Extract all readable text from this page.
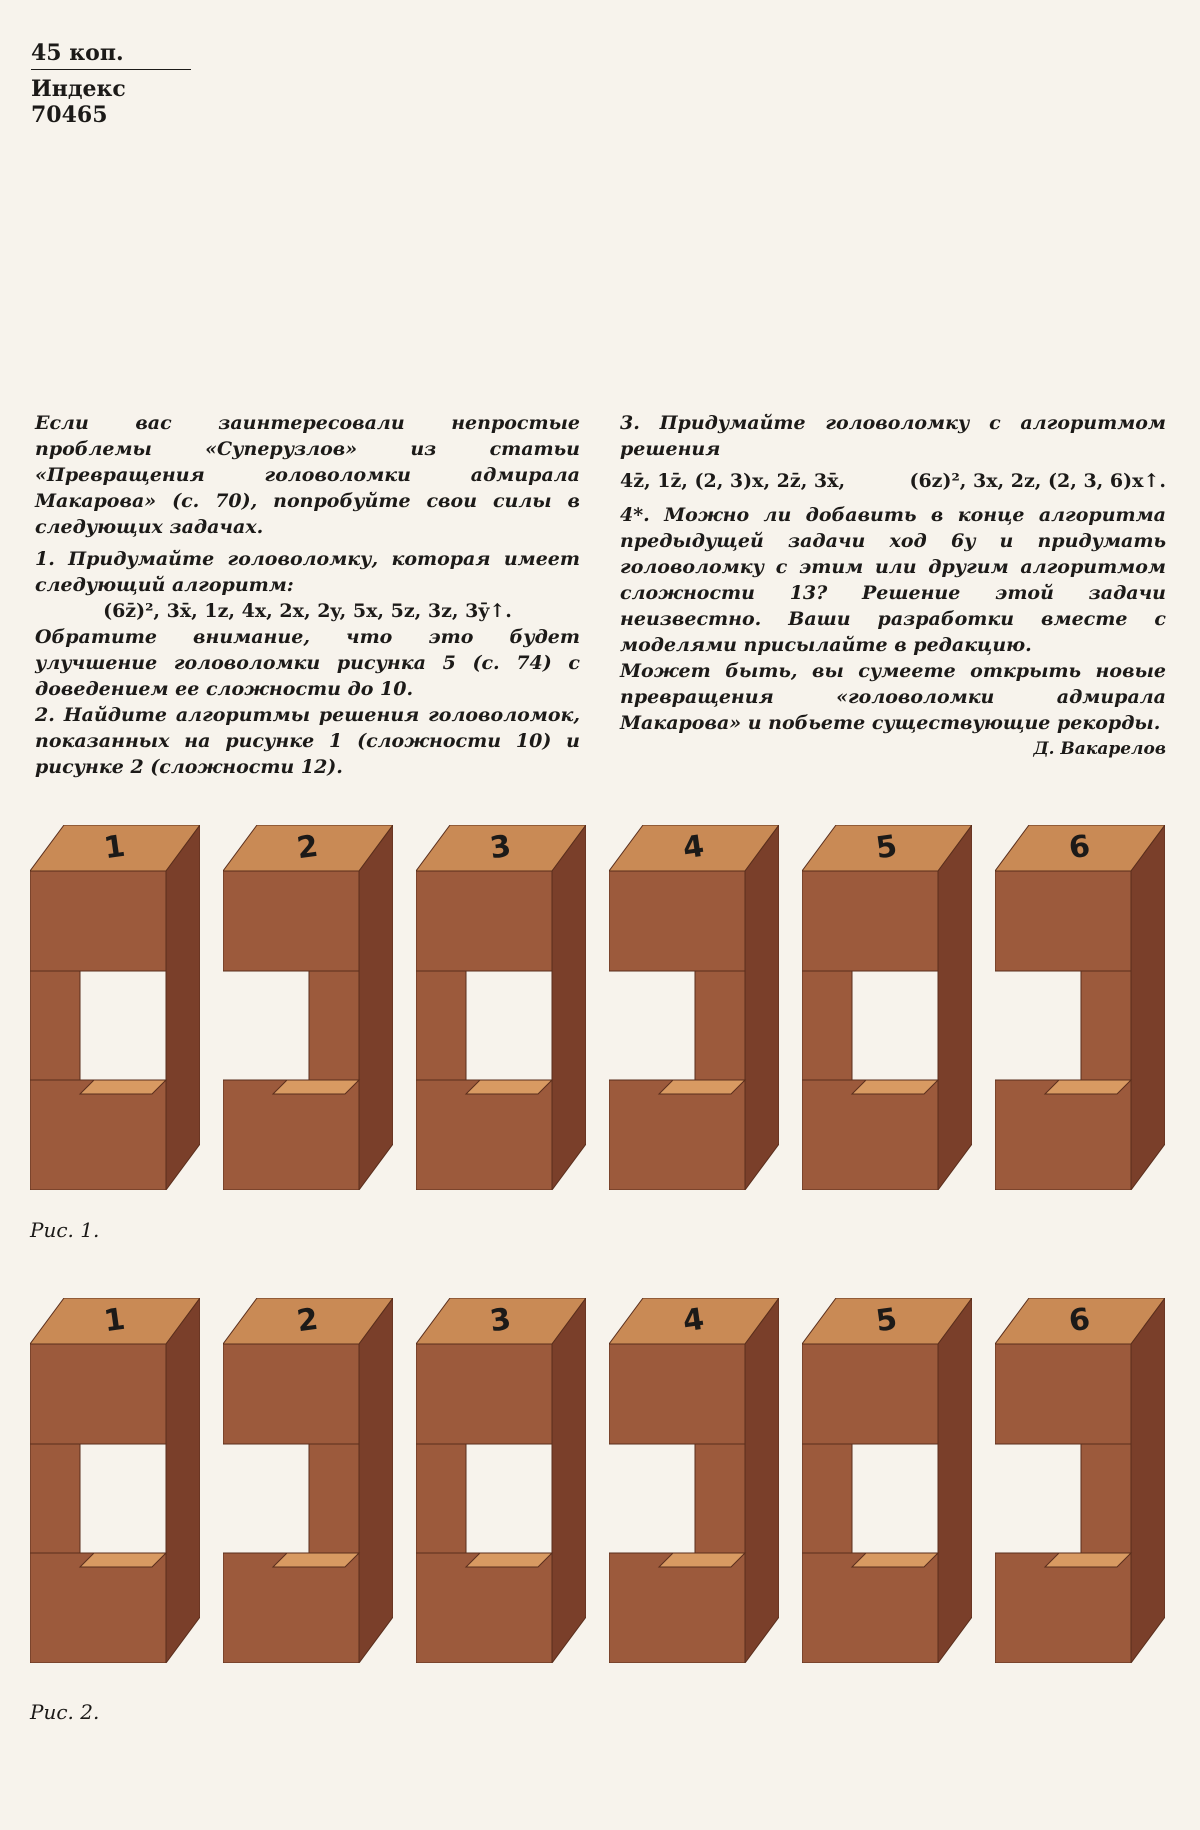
45 коп.
Индекс 70465

Если вас заинтересовали непростые проблемы «Суперузлов» из статьи «Превращения головоломки адмирала Макарова» (с. 70), попробуйте свои силы в следующих задачах.

1. Придумайте головоломку, которая имеет следующий алгоритм:

(6z̄)², 3x̄, 1z, 4x, 2x, 2y, 5x, 5z, 3z, 3ȳ↑.

Обратите внимание, что это будет улучшение головоломки рисунка 5 (с. 74) с доведением ее сложности до 10.

2. Найдите алгоритмы решения головоломок, показанных на рисунке 1 (сложности 10) и рисунке 2 (сложности 12).

3. Придумайте головоломку с алгоритмом решения

4z̄, 1z̄, (2, 3)x, 2z̄, 3x̄,	(6z)², 3x, 2z, (2, 3, 6)x↑.

4*. Можно ли добавить в конце алгоритма предыдущей задачи ход 6y и придумать головоломку с этим или другим алгоритмом сложности 13? Решение этой задачи неизвестно. Ваши разработки вместе с моделями присылайте в редакцию.

Может быть, вы сумеете открыть новые превращения «головоломки адмирала Макарова» и побьете существующие рекорды.

Д. Вакарелов

1	2	3	4	5	6
Рис. 1.
1	2	3	4	5	6
Рис. 2.
